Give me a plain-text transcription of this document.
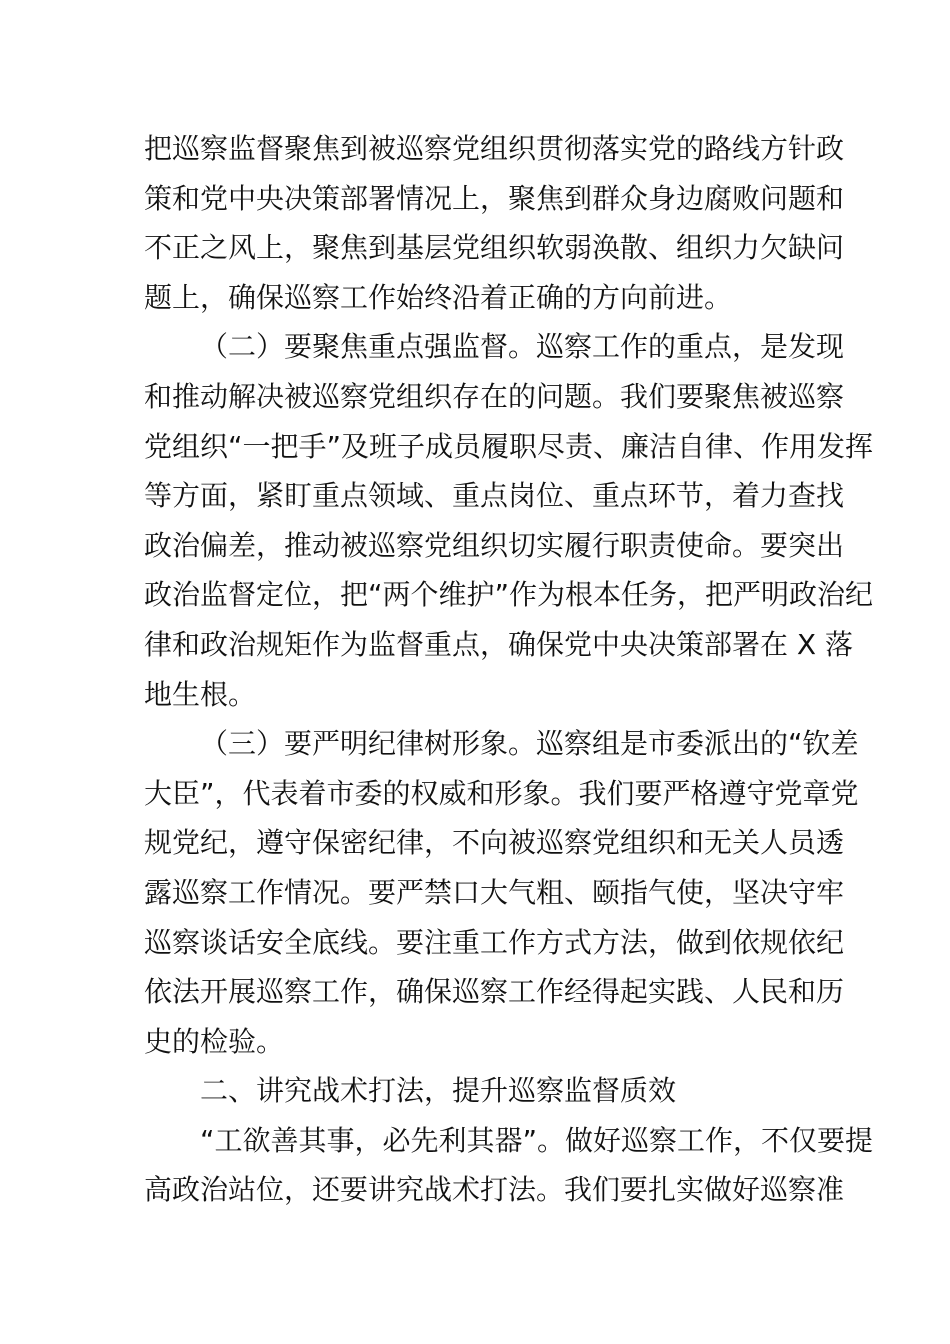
把巡察监督聚焦到被巡察党组织贯彻落实党的路线方针政
策和党中央决策部署情况上，聚焦到群众身边腐败问题和
不正之风上，聚焦到基层党组织软弱涣散、组织力欠缺问
题上，确保巡察工作始终沿着正确的方向前进。
（二）要聚焦重点强监督。巡察工作的重点，是发现
和推动解决被巡察党组织存在的问题。我们要聚焦被巡察
党组织“一把手”及班子成员履职尽责、廉洁自律、作用发挥
等方面，紧盯重点领域、重点岗位、重点环节，着力查找
政治偏差，推动被巡察党组织切实履行职责使命。要突出
政治监督定位，把“两个维护”作为根本任务，把严明政治纪
律和政治规矩作为监督重点，确保党中央决策部署在 X 落
地生根。
（三）要严明纪律树形象。巡察组是市委派出的“钦差
大臣”，代表着市委的权威和形象。我们要严格遵守党章党
规党纪，遵守保密纪律，不向被巡察党组织和无关人员透
露巡察工作情况。要严禁口大气粗、颐指气使，坚决守牢
巡察谈话安全底线。要注重工作方式方法，做到依规依纪
依法开展巡察工作，确保巡察工作经得起实践、人民和历
史的检验。
二、讲究战术打法，提升巡察监督质效
“工欲善其事，必先利其器”。做好巡察工作，不仅要提
高政治站位，还要讲究战术打法。我们要扎实做好巡察准
